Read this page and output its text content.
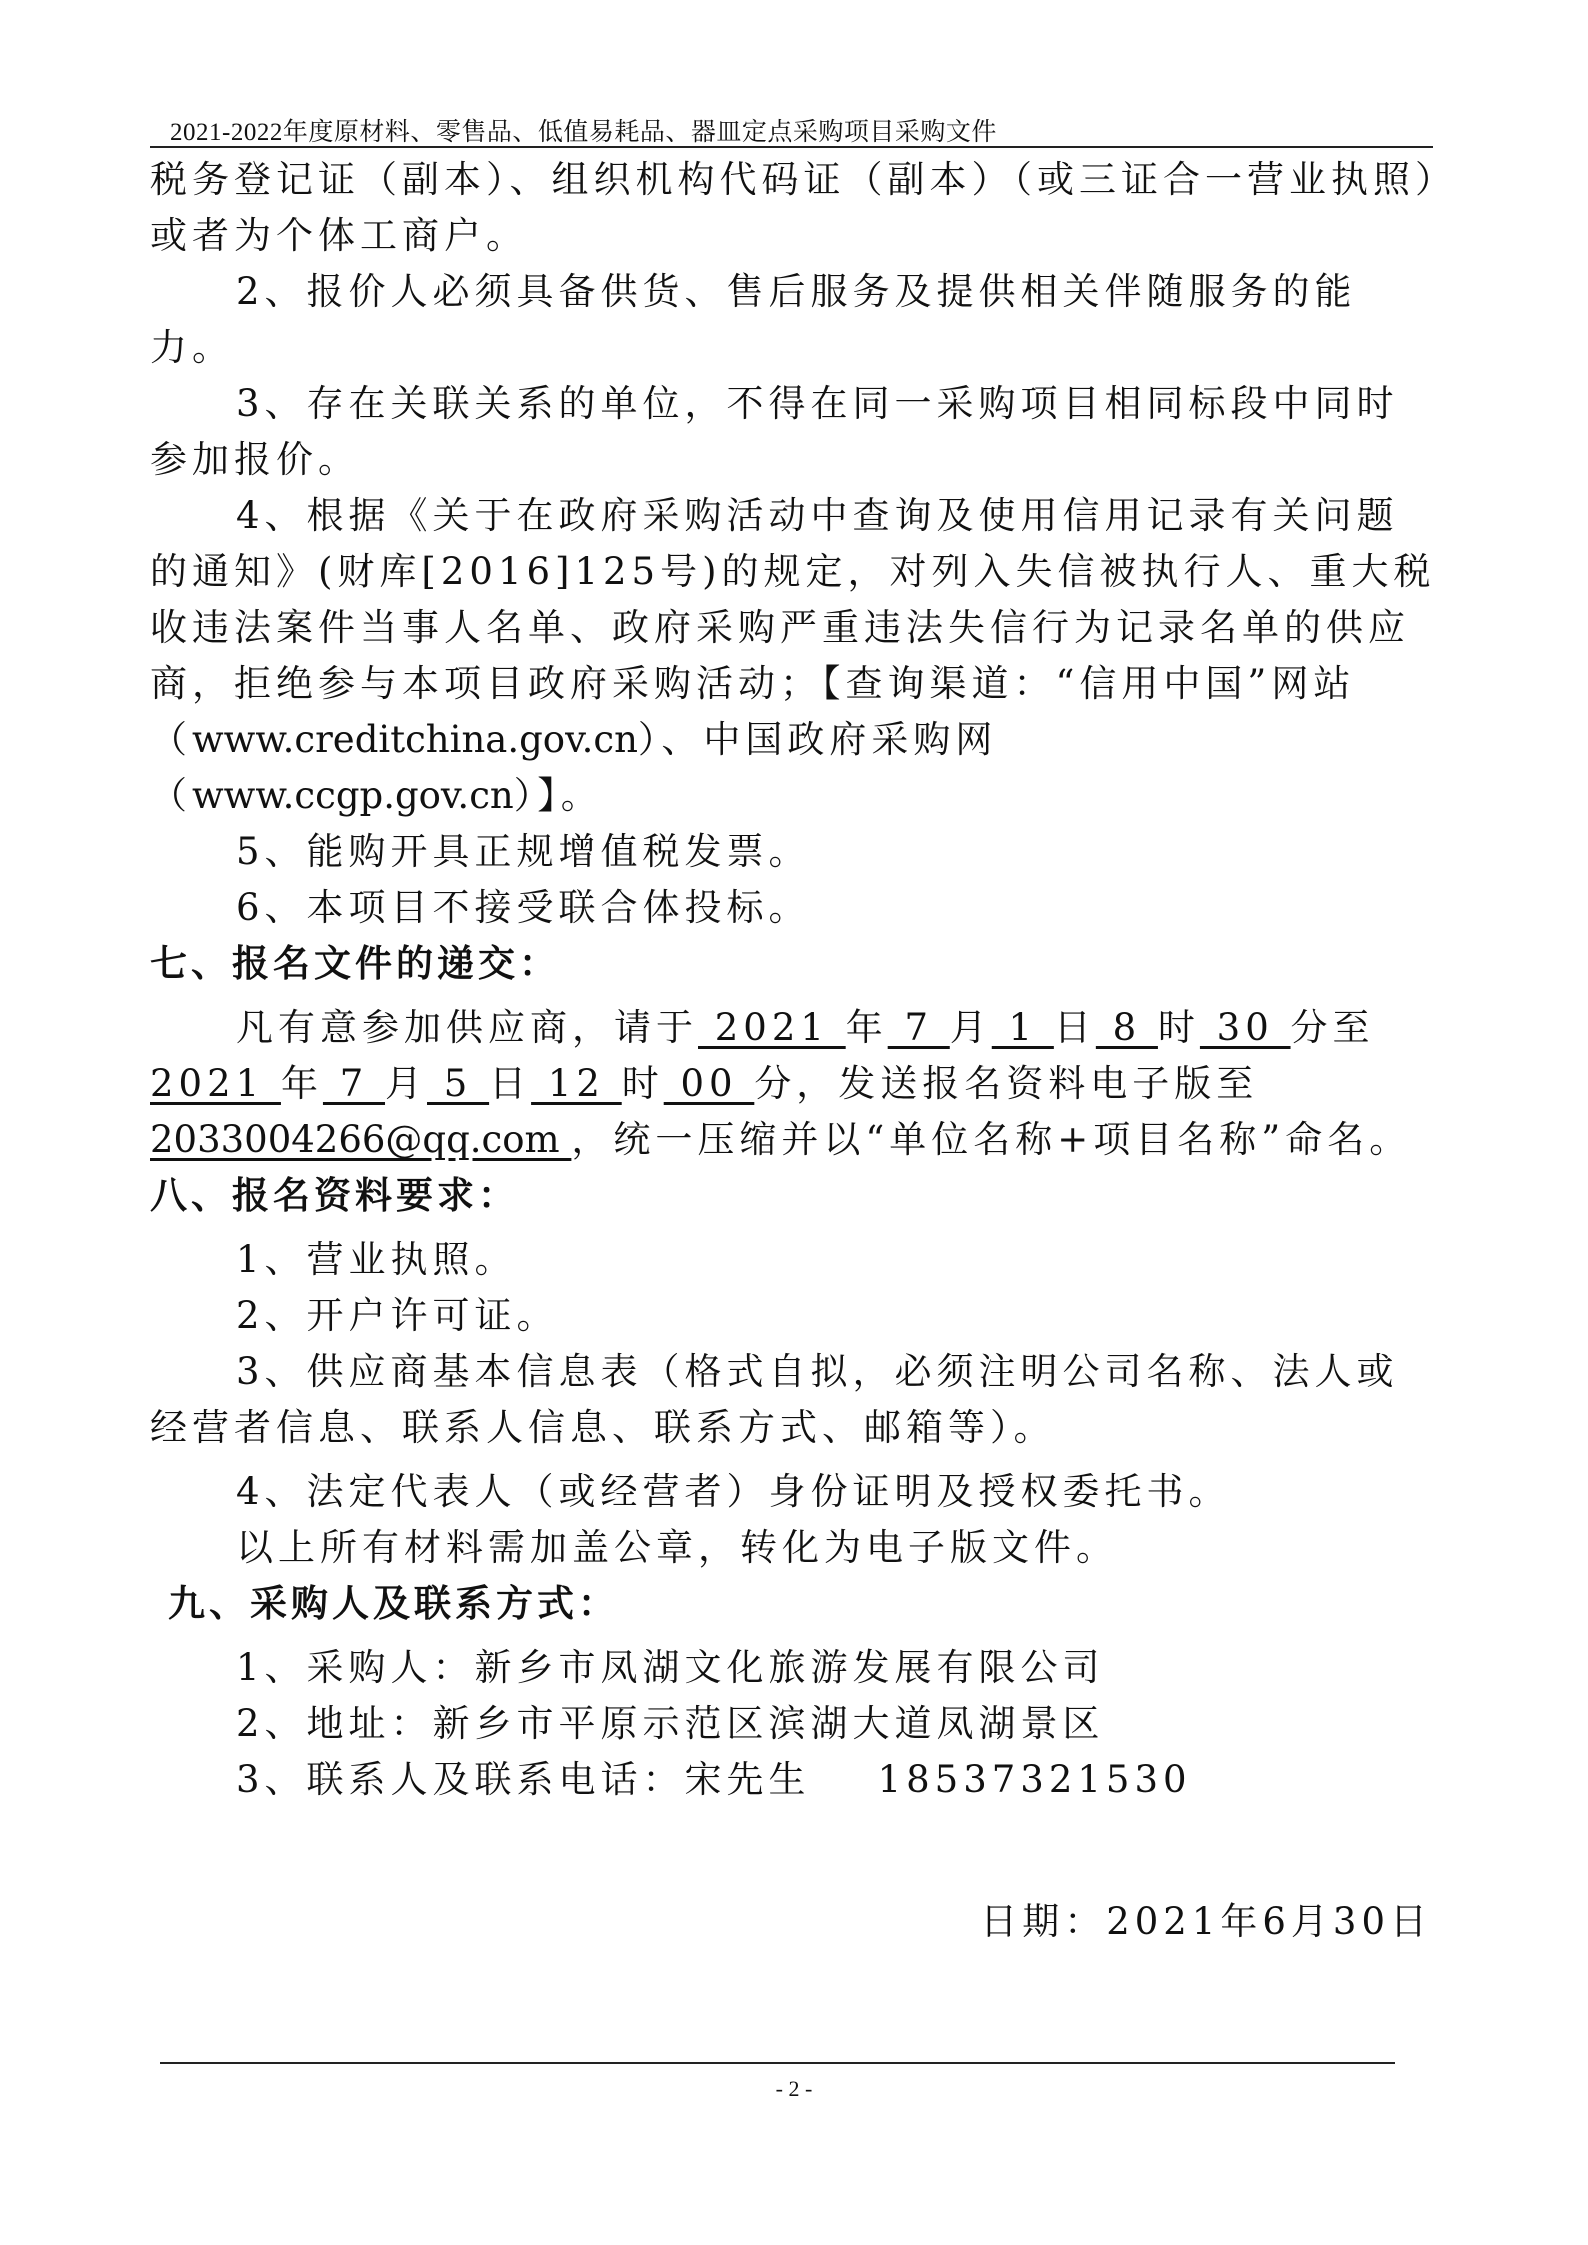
2021-2022年度原材料、零售品、低值易耗品、器皿定点采购项目采购文件

税务登记证（副本）、组织机构代码证（副本）（或三证合一营业执照）或者为个体工商户。

2、报价人必须具备供货、售后服务及提供相关伴随服务的能力。

3、存在关联关系的单位，不得在同一采购项目相同标段中同时参加报价。

4、根据《关于在政府采购活动中查询及使用信用记录有关问题的通知》(财库[2016]125号)的规定，对列入失信被执行人、重大税收违法案件当事人名单、政府采购严重违法失信行为记录名单的供应商，拒绝参与本项目政府采购活动；【查询渠道：“信用中国”网站（www.creditchina.gov.cn）、中国政府采购网（www.ccgp.gov.cn）】。

5、能购开具正规增值税发票。

6、本项目不接受联合体投标。

七、报名文件的递交：

凡有意参加供应商，请于 2021 年 7 月 1 日 8 时 30 分至 2021 年 7 月 5 日 12 时 00 分，发送报名资料电子版至2033004266@qq.com ，统一压缩并以“单位名称+项目名称”命名。

八、报名资料要求：

1、营业执照。

2、开户许可证。

3、供应商基本信息表（格式自拟，必须注明公司名称、法人或经营者信息、联系人信息、联系方式、邮箱等）。

4、法定代表人（或经营者）身份证明及授权委托书。

以上所有材料需加盖公章，转化为电子版文件。

九、采购人及联系方式：

1、采购人：新乡市凤湖文化旅游发展有限公司

2、地址：新乡市平原示范区滨湖大道凤湖景区

3、联系人及联系电话：宋先生    18537321530

日期：2021年6月30日

- 2 -
